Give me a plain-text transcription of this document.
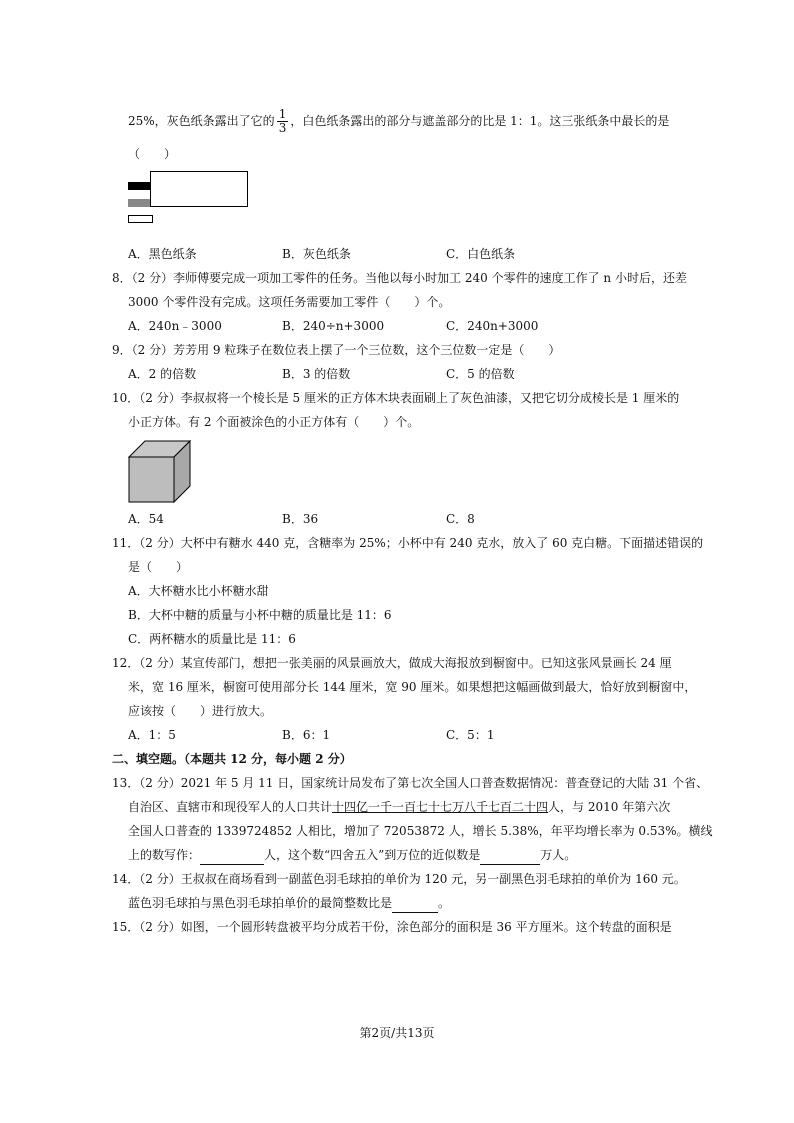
25%，灰色纸条露出了它的 $\frac{1}{3}$ ，白色纸条露出的部分与遮盖部分的比是 1：1。这三张纸条中最长的是
（　　）
A．黑色纸条	B．灰色纸条	C．白色纸条
8．（2 分）李师傅要完成一项加工零件的任务。当他以每小时加工 240 个零件的速度工作了 n 小时后，还差
3000 个零件没有完成。这项任务需要加工零件（　　）个。
A．240n﹣3000	B．240÷n+3000	C．240n+3000
9．（2 分）芳芳用 9 粒珠子在数位表上摆了一个三位数，这个三位数一定是（　　）
A．2 的倍数	B．3 的倍数	C．5 的倍数
10．（2 分）李叔叔将一个棱长是 5 厘米的正方体木块表面刷上了灰色油漆，又把它切分成棱长是 1 厘米的
小正方体。有 2 个面被涂色的小正方体有（　　）个。
A．54	B．36	C．8
11．（2 分）大杯中有糖水 440 克，含糖率为 25%；小杯中有 240 克水，放入了 60 克白糖。下面描述错误的
是（　　）
A．大杯糖水比小杯糖水甜
B．大杯中糖的质量与小杯中糖的质量比是 11：6
C．两杯糖水的质量比是 11：6
12．（2 分）某宣传部门，想把一张美丽的风景画放大，做成大海报放到橱窗中。已知这张风景画长 24 厘
米，宽 16 厘米，橱窗可使用部分长 144 厘米，宽 90 厘米。如果想把这幅画做到最大，恰好放到橱窗中，
应该按（　　）进行放大。
A．1：5	B．6：1	C．5：1
二、填空题。（本题共 12 分，每小题 2 分）
13．（2 分）2021 年 5 月 11 日，国家统计局发布了第七次全国人口普查数据情况：普查登记的大陆 31 个省、
自治区、直辖市和现役军人的人口共计十四亿一千一百七十七万八千七百二十四人，与 2010 年第六次
全国人口普查的 1339724852 人相比，增加了 72053872 人，增长 5.38%，年平均增长率为 0.53%。横线
上的数写作：	人，这个数“四舍五入”到万位的近似数是	万人。
14．（2 分）王叔叔在商场看到一副蓝色羽毛球拍的单价为 120 元，另一副黑色羽毛球拍的单价为 160 元。
蓝色羽毛球拍与黑色羽毛球拍单价的最简整数比是	。
15．（2 分）如图，一个圆形转盘被平均分成若干份，涂色部分的面积是 36 平方厘米。这个转盘的面积是
第2页/共13页
